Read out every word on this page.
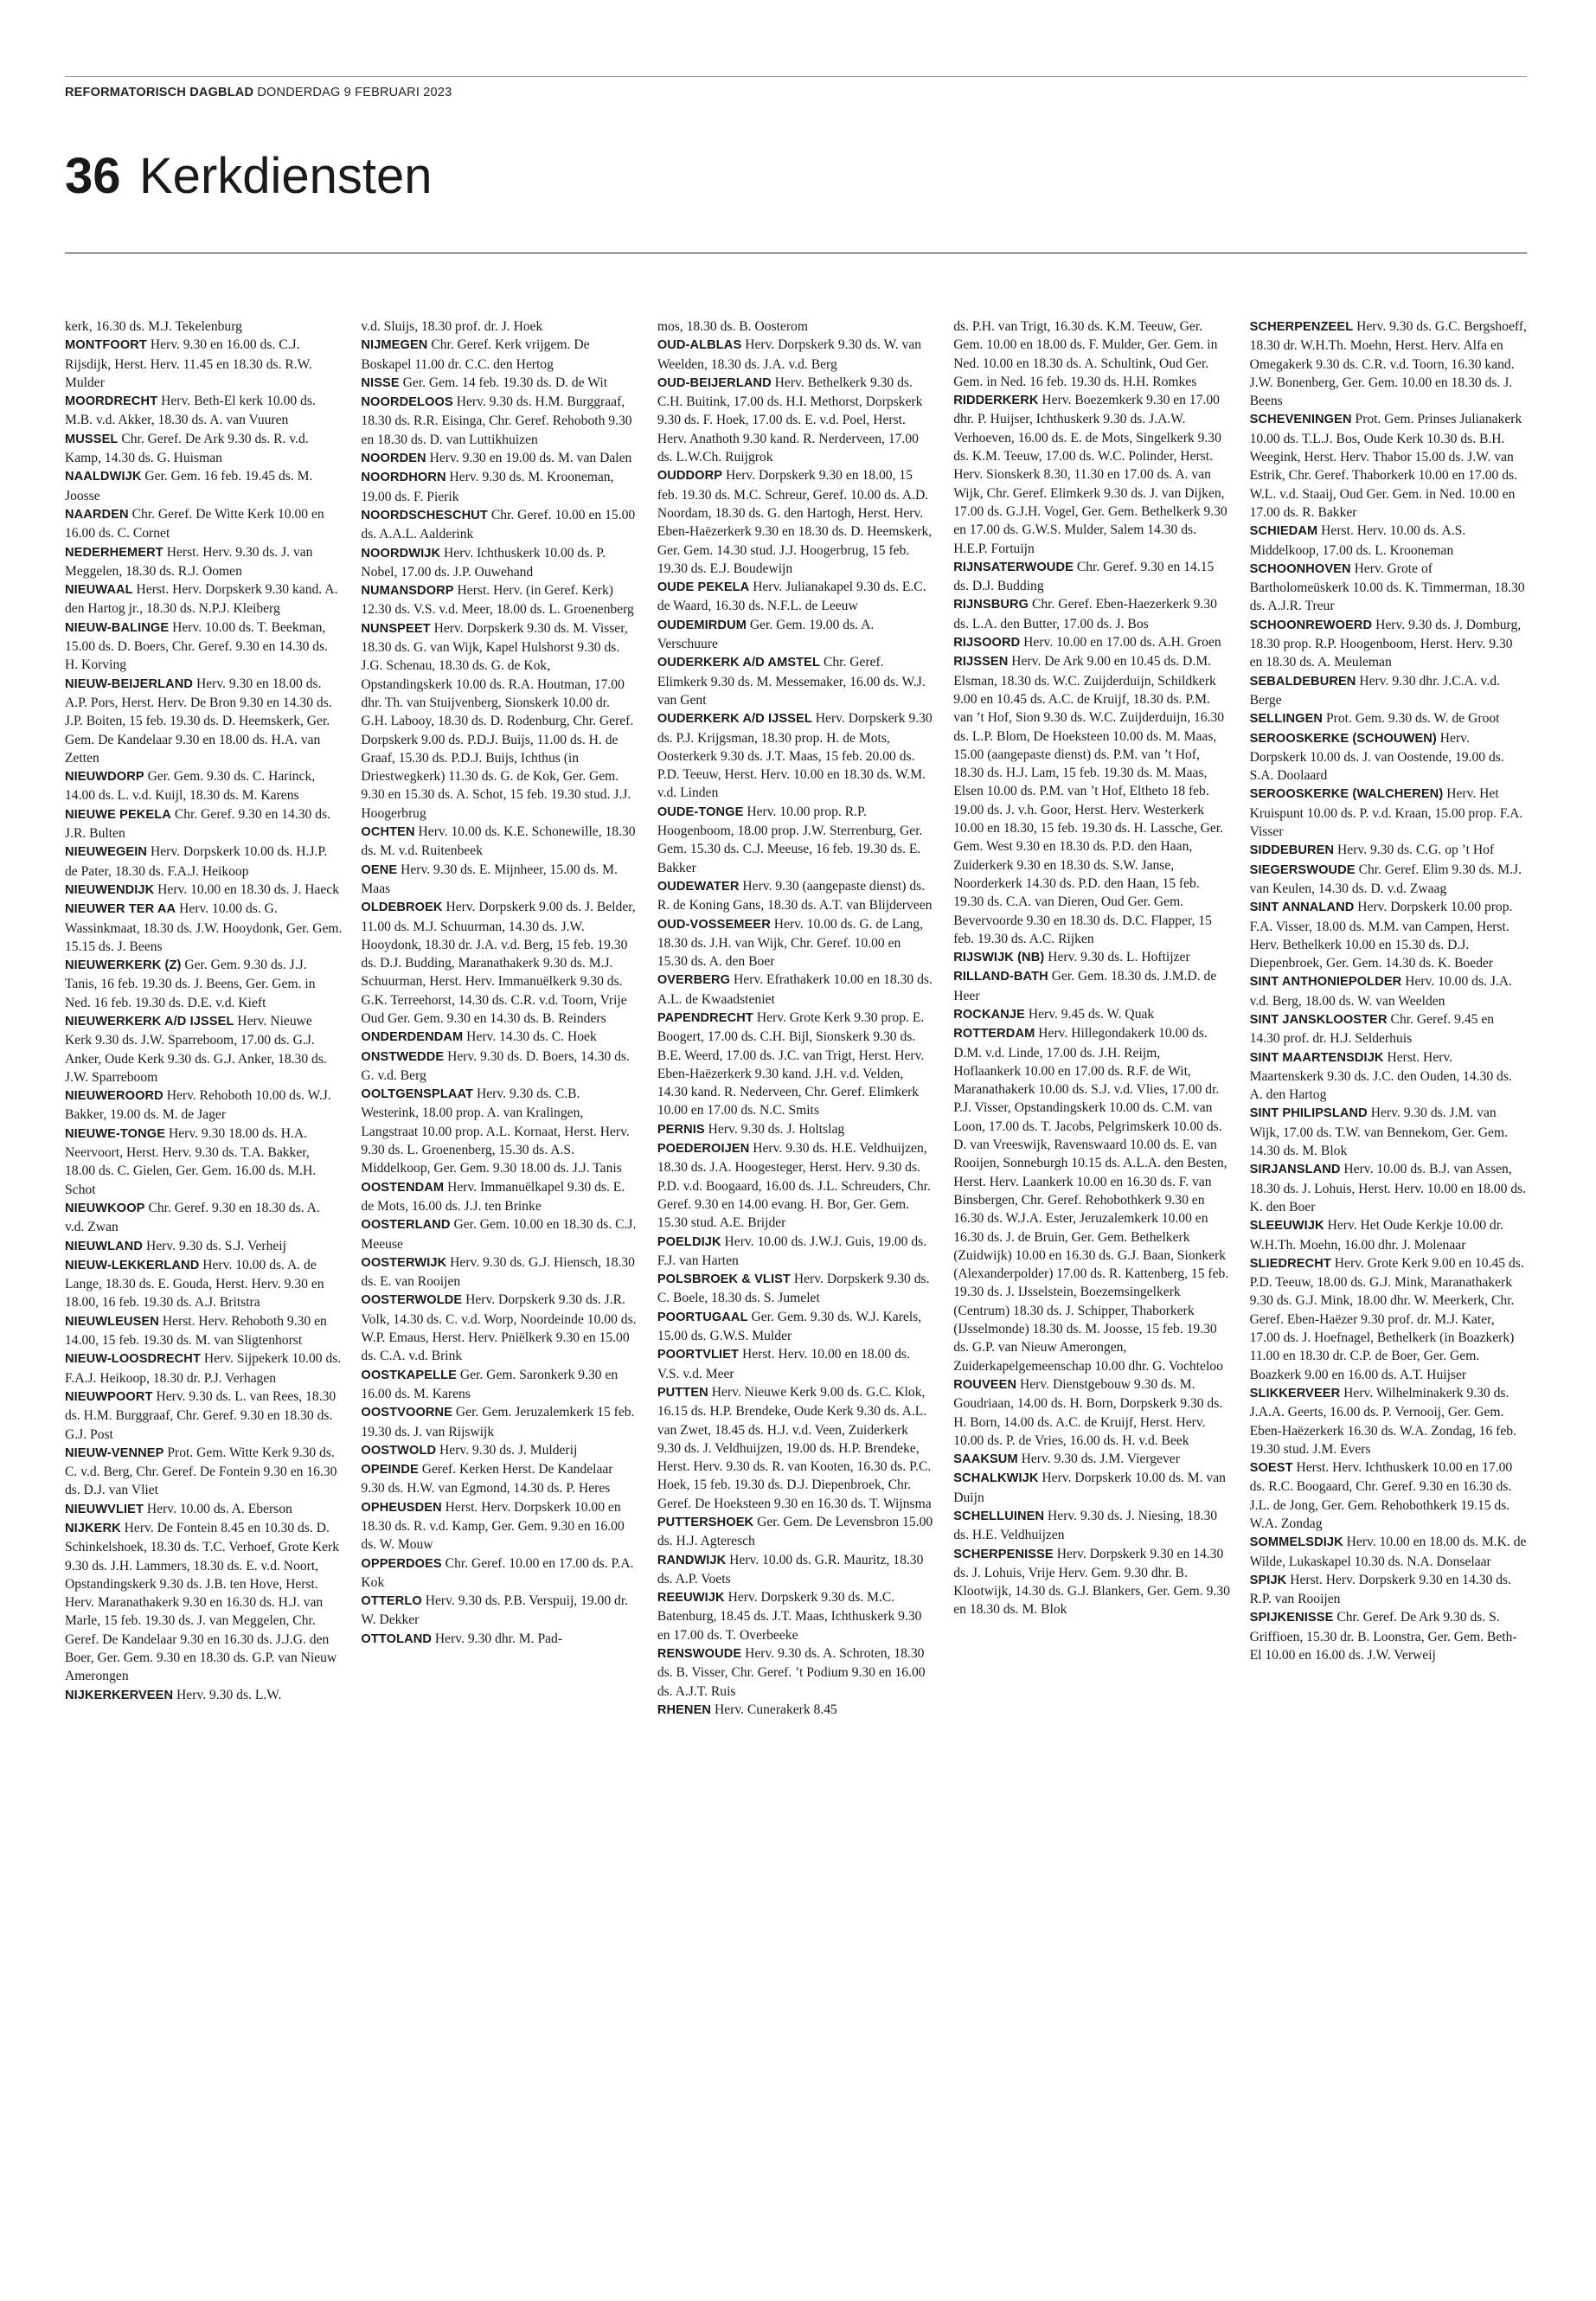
REFORMATORISCH DAGBLAD DONDERDAG 9 FEBRUARI 2023
36 Kerkdiensten

kerk, 16.30 ds. M.J. Tekelenburg

MONTFOORT Herv. 9.30 en 16.00 ds. C.J. Rijsdijk, Herst. Herv. 11.45 en 18.30 ds. R.W. Mulder

MOORDRECHT Herv. Beth-El kerk 10.00 ds. M.B. v.d. Akker, 18.30 ds. A. van Vuuren

MUSSEL Chr. Geref. De Ark 9.30 ds. R. v.d. Kamp, 14.30 ds. G. Huisman

NAALDWIJK Ger. Gem. 16 feb. 19.45 ds. M. Joosse

NAARDEN Chr. Geref. De Witte Kerk 10.00 en 16.00 ds. C. Cornet

NEDERHEMERT Herst. Herv. 9.30 ds. J. van Meggelen, 18.30 ds. R.J. Oomen

NIEUWAAL Herst. Herv. Dorpskerk 9.30 kand. A. den Hartog jr., 18.30 ds. N.P.J. Kleiberg

NIEUW-BALINGE Herv. 10.00 ds. T. Beekman, 15.00 ds. D. Boers, Chr. Geref. 9.30 en 14.30 ds. H. Korving

NIEUW-BEIJERLAND Herv. 9.30 en 18.00 ds. A.P. Pors, Herst. Herv. De Bron 9.30 en 14.30 ds. J.P. Boiten, 15 feb. 19.30 ds. D. Heemskerk, Ger. Gem. De Kandelaar 9.30 en 18.00 ds. H.A. van Zetten

NIEUWDORP Ger. Gem. 9.30 ds. C. Harinck, 14.00 ds. L. v.d. Kuijl, 18.30 ds. M. Karens

NIEUWE PEKELA Chr. Geref. 9.30 en 14.30 ds. J.R. Bulten

NIEUWEGEIN Herv. Dorpskerk 10.00 ds. H.J.P. de Pater, 18.30 ds. F.A.J. Heikoop

NIEUWENDIJK Herv. 10.00 en 18.30 ds. J. Haeck

NIEUWER TER AA Herv. 10.00 ds. G. Wassinkmaat, 18.30 ds. J.W. Hooydonk, Ger. Gem. 15.15 ds. J. Beens

NIEUWERKERK (Z) Ger. Gem. 9.30 ds. J.J. Tanis, 16 feb. 19.30 ds. J. Beens, Ger. Gem. in Ned. 16 feb. 19.30 ds. D.E. v.d. Kieft

NIEUWERKERK A/D IJSSEL Herv. Nieuwe Kerk 9.30 ds. J.W. Sparreboom, 17.00 ds. G.J. Anker, Oude Kerk 9.30 ds. G.J. Anker, 18.30 ds. J.W. Sparreboom

NIEUWEROORD Herv. Rehoboth 10.00 ds. W.J. Bakker, 19.00 ds. M. de Jager

NIEUWE-TONGE Herv. 9.30 18.00 ds. H.A. Neervoort, Herst. Herv. 9.30 ds. T.A. Bakker, 18.00 ds. C. Gielen, Ger. Gem. 16.00 ds. M.H. Schot

NIEUWKOOP Chr. Geref. 9.30 en 18.30 ds. A. v.d. Zwan

NIEUWLAND Herv. 9.30 ds. S.J. Verheij

NIEUW-LEKKERLAND Herv. 10.00 ds. A. de Lange, 18.30 ds. E. Gouda, Herst. Herv. 9.30 en 18.00, 16 feb. 19.30 ds. A.J. Britstra

NIEUWLEUSEN Herst. Herv. Rehoboth 9.30 en 14.00, 15 feb. 19.30 ds. M. van Sligtenhorst

NIEUW-LOOSDRECHT Herv. Sijpekerk 10.00 ds. F.A.J. Heikoop, 18.30 dr. P.J. Verhagen

NIEUWPOORT Herv. 9.30 ds. L. van Rees, 18.30 ds. H.M. Burggraaf, Chr. Geref. 9.30 en 18.30 ds. G.J. Post

NIEUW-VENNEP Prot. Gem. Witte Kerk 9.30 ds. C. v.d. Berg, Chr. Geref. De Fontein 9.30 en 16.30 ds. D.J. van Vliet

NIEUWVLIET Herv. 10.00 ds. A. Eberson

NIJKERK Herv. De Fontein 8.45 en 10.30 ds. D. Schinkelshoek, 18.30 ds. T.C. Verhoef, Grote Kerk 9.30 ds. J.H. Lammers, 18.30 ds. E. v.d. Noort, Opstandingskerk 9.30 ds. J.B. ten Hove, Herst. Herv. Maranathakerk 9.30 en 16.30 ds. H.J. van Marle, 15 feb. 19.30 ds. J. van Meggelen, Chr. Geref. De Kandelaar 9.30 en 16.30 ds. J.J.G. den Boer, Ger. Gem. 9.30 en 18.30 ds. G.P. van Nieuw Amerongen

NIJKERKERVEEN Herv. 9.30 ds. L.W.

v.d. Sluijs, 18.30 prof. dr. J. Hoek

NIJMEGEN Chr. Geref. Kerk vrijgem. De Boskapel 11.00 dr. C.C. den Hertog

NISSE Ger. Gem. 14 feb. 19.30 ds. D. de Wit

NOORDELOOS Herv. 9.30 ds. H.M. Burggraaf, 18.30 ds. R.R. Eisinga, Chr. Geref. Rehoboth 9.30 en 18.30 ds. D. van Luttikhuizen

NOORDEN Herv. 9.30 en 19.00 ds. M. van Dalen

NOORDHORN Herv. 9.30 ds. M. Krooneman, 19.00 ds. F. Pierik

NOORDSCHESCHUT Chr. Geref. 10.00 en 15.00 ds. A.A.L. Aalderink

NOORDWIJK Herv. Ichthuskerk 10.00 ds. P. Nobel, 17.00 ds. J.P. Ouwehand

NUMANSDORP Herst. Herv. (in Geref. Kerk) 12.30 ds. V.S. v.d. Meer, 18.00 ds. L. Groenenberg

NUNSPEET Herv. Dorpskerk 9.30 ds. M. Visser, 18.30 ds. G. van Wijk, Kapel Hulshorst 9.30 ds. J.G. Schenau, 18.30 ds. G. de Kok, Opstandingskerk 10.00 ds. R.A. Houtman, 17.00 dhr. Th. van Stuijvenberg, Sionskerk 10.00 dr. G.H. Labooy, 18.30 ds. D. Rodenburg, Chr. Geref. Dorpskerk 9.00 ds. P.D.J. Buijs, 11.00 ds. H. de Graaf, 15.30 ds. P.D.J. Buijs, Ichthus (in Driestwegkerk) 11.30 ds. G. de Kok, Ger. Gem. 9.30 en 15.30 ds. A. Schot, 15 feb. 19.30 stud. J.J. Hoogerbrug

OCHTEN Herv. 10.00 ds. K.E. Schonewille, 18.30 ds. M. v.d. Ruitenbeek

OENE Herv. 9.30 ds. E. Mijnheer, 15.00 ds. M. Maas

OLDEBROEK Herv. Dorpskerk 9.00 ds. J. Belder, 11.00 ds. M.J. Schuurman, 14.30 ds. J.W. Hooydonk, 18.30 dr. J.A. v.d. Berg, 15 feb. 19.30 ds. D.J. Budding, Maranathakerk 9.30 ds. M.J. Schuurman, Herst. Herv. Immanuëlkerk 9.30 ds. G.K. Terreehorst, 14.30 ds. C.R. v.d. Toorn, Vrije Oud Ger. Gem. 9.30 en 14.30 ds. B. Reinders

ONDERDENDAM Herv. 14.30 ds. C. Hoek

ONSTWEDDE Herv. 9.30 ds. D. Boers, 14.30 ds. G. v.d. Berg

OOLTGENSPLAAT Herv. 9.30 ds. C.B. Westerink, 18.00 prop. A. van Kralingen, Langstraat 10.00 prop. A.L. Kornaat, Herst. Herv. 9.30 ds. L. Groenenberg, 15.30 ds. A.S. Middelkoop, Ger. Gem. 9.30 18.00 ds. J.J. Tanis

OOSTENDAM Herv. Immanuëlkapel 9.30 ds. E. de Mots, 16.00 ds. J.J. ten Brinke

OOSTERLAND Ger. Gem. 10.00 en 18.30 ds. C.J. Meeuse

OOSTERWIJK Herv. 9.30 ds. G.J. Hiensch, 18.30 ds. E. van Rooijen

OOSTERWOLDE Herv. Dorpskerk 9.30 ds. J.R. Volk, 14.30 ds. C. v.d. Worp, Noordeinde 10.00 ds. W.P. Emaus, Herst. Herv. Pniëlkerk 9.30 en 15.00 ds. C.A. v.d. Brink

OOSTKAPELLE Ger. Gem. Saronkerk 9.30 en 16.00 ds. M. Karens

OOSTVOORNE Ger. Gem. Jeruzalemkerk 15 feb. 19.30 ds. J. van Rijswijk

OOSTWOLD Herv. 9.30 ds. J. Mulderij

OPEINDE Geref. Kerken Herst. De Kandelaar 9.30 ds. H.W. van Egmond, 14.30 ds. P. Heres

OPHEUSDEN Herst. Herv. Dorpskerk 10.00 en 18.30 ds. R. v.d. Kamp, Ger. Gem. 9.30 en 16.00 ds. W. Mouw

OPPERDOES Chr. Geref. 10.00 en 17.00 ds. P.A. Kok

OTTERLO Herv. 9.30 ds. P.B. Verspuij, 19.00 dr. W. Dekker

OTTOLAND Herv. 9.30 dhr. M. Pad-

mos, 18.30 ds. B. Oosterom

OUD-ALBLAS Herv. Dorpskerk 9.30 ds. W. van Weelden, 18.30 ds. J.A. v.d. Berg

OUD-BEIJERLAND Herv. Bethelkerk 9.30 ds. C.H. Buitink, 17.00 ds. H.I. Methorst, Dorpskerk 9.30 ds. F. Hoek, 17.00 ds. E. v.d. Poel, Herst. Herv. Anathoth 9.30 kand. R. Nerderveen, 17.00 ds. L.W.Ch. Ruijgrok

OUDDORP Herv. Dorpskerk 9.30 en 18.00, 15 feb. 19.30 ds. M.C. Schreur, Geref. 10.00 ds. A.D. Noordam, 18.30 ds. G. den Hartogh, Herst. Herv. Eben-Haëzerkerk 9.30 en 18.30 ds. D. Heemskerk, Ger. Gem. 14.30 stud. J.J. Hoogerbrug, 15 feb. 19.30 ds. E.J. Boudewijn

OUDE PEKELA Herv. Julianakapel 9.30 ds. E.C. de Waard, 16.30 ds. N.F.L. de Leeuw

OUDEMIRDUM Ger. Gem. 19.00 ds. A. Verschuure

OUDERKERK A/D AMSTEL Chr. Geref. Elimkerk 9.30 ds. M. Messemaker, 16.00 ds. W.J. van Gent

OUDERKERK A/D IJSSEL Herv. Dorpskerk 9.30 ds. P.J. Krijgsman, 18.30 prop. H. de Mots, Oosterkerk 9.30 ds. J.T. Maas, 15 feb. 20.00 ds. P.D. Teeuw, Herst. Herv. 10.00 en 18.30 ds. W.M. v.d. Linden

OUDE-TONGE Herv. 10.00 prop. R.P. Hoogenboom, 18.00 prop. J.W. Sterrenburg, Ger. Gem. 15.30 ds. C.J. Meeuse, 16 feb. 19.30 ds. E. Bakker

OUDEWATER Herv. 9.30 (aangepaste dienst) ds. R. de Koning Gans, 18.30 ds. A.T. van Blijderveen

OUD-VOSSEMEER Herv. 10.00 ds. G. de Lang, 18.30 ds. J.H. van Wijk, Chr. Geref. 10.00 en 15.30 ds. A. den Boer

OVERBERG Herv. Efrathakerk 10.00 en 18.30 ds. A.L. de Kwaadsteniet

PAPENDRECHT Herv. Grote Kerk 9.30 prop. E. Boogert, 17.00 ds. C.H. Bijl, Sionskerk 9.30 ds. B.E. Weerd, 17.00 ds. J.C. van Trigt, Herst. Herv. Eben-Haëzerkerk 9.30 kand. J.H. v.d. Velden, 14.30 kand. R. Nederveen, Chr. Geref. Elimkerk 10.00 en 17.00 ds. N.C. Smits

PERNIS Herv. 9.30 ds. J. Holtslag

POEDEROIJEN Herv. 9.30 ds. H.E. Veldhuijzen, 18.30 ds. J.A. Hoogesteger, Herst. Herv. 9.30 ds. P.D. v.d. Boogaard, 16.00 ds. J.L. Schreuders, Chr. Geref. 9.30 en 14.00 evang. H. Bor, Ger. Gem. 15.30 stud. A.E. Brijder

POELDIJK Herv. 10.00 ds. J.W.J. Guis, 19.00 ds. F.J. van Harten

POLSBROEK & VLIST Herv. Dorpskerk 9.30 ds. C. Boele, 18.30 ds. S. Jumelet

POORTUGAAL Ger. Gem. 9.30 ds. W.J. Karels, 15.00 ds. G.W.S. Mulder

POORTVLIET Herst. Herv. 10.00 en 18.00 ds. V.S. v.d. Meer

PUTTEN Herv. Nieuwe Kerk 9.00 ds. G.C. Klok, 16.15 ds. H.P. Brendeke, Oude Kerk 9.30 ds. A.L. van Zwet, 18.45 ds. H.J. v.d. Veen, Zuiderkerk 9.30 ds. J. Veldhuijzen, 19.00 ds. H.P. Brendeke, Herst. Herv. 9.30 ds. R. van Kooten, 16.30 ds. P.C. Hoek, 15 feb. 19.30 ds. D.J. Diepenbroek, Chr. Geref. De Hoeksteen 9.30 en 16.30 ds. T. Wijnsma

PUTTERSHOEK Ger. Gem. De Levensbron 15.00 ds. H.J. Agteresch

RANDWIJK Herv. 10.00 ds. G.R. Mauritz, 18.30 ds. A.P. Voets

REEUWIJK Herv. Dorpskerk 9.30 ds. M.C. Batenburg, 18.45 ds. J.T. Maas, Ichthuskerk 9.30 en 17.00 ds. T. Overbeeke

RENSWOUDE Herv. 9.30 ds. A. Schroten, 18.30 ds. B. Visser, Chr. Geref. ’t Podium 9.30 en 16.00 ds. A.J.T. Ruis

RHENEN Herv. Cunerakerk 8.45

ds. P.H. van Trigt, 16.30 ds. K.M. Teeuw, Ger. Gem. 10.00 en 18.00 ds. F. Mulder, Ger. Gem. in Ned. 10.00 en 18.30 ds. A. Schultink, Oud Ger. Gem. in Ned. 16 feb. 19.30 ds. H.H. Romkes

RIDDERKERK Herv. Boezemkerk 9.30 en 17.00 dhr. P. Huijser, Ichthuskerk 9.30 ds. J.A.W. Verhoeven, 16.00 ds. E. de Mots, Singelkerk 9.30 ds. K.M. Teeuw, 17.00 ds. W.C. Polinder, Herst. Herv. Sionskerk 8.30, 11.30 en 17.00 ds. A. van Wijk, Chr. Geref. Elimkerk 9.30 ds. J. van Dijken, 17.00 ds. G.J.H. Vogel, Ger. Gem. Bethelkerk 9.30 en 17.00 ds. G.W.S. Mulder, Salem 14.30 ds. H.E.P. Fortuijn

RIJNSATERWOUDE Chr. Geref. 9.30 en 14.15 ds. D.J. Budding

RIJNSBURG Chr. Geref. Eben-Haezerkerk 9.30 ds. L.A. den Butter, 17.00 ds. J. Bos

RIJSOORD Herv. 10.00 en 17.00 ds. A.H. Groen

RIJSSEN Herv. De Ark 9.00 en 10.45 ds. D.M. Elsman, 18.30 ds. W.C. Zuijderduijn, Schildkerk 9.00 en 10.45 ds. A.C. de Kruijf, 18.30 ds. P.M. van ’t Hof, Sion 9.30 ds. W.C. Zuijderduijn, 16.30 ds. L.P. Blom, De Hoeksteen 10.00 ds. M. Maas, 15.00 (aangepaste dienst) ds. P.M. van ’t Hof, 18.30 ds. H.J. Lam, 15 feb. 19.30 ds. M. Maas, Elsen 10.00 ds. P.M. van ’t Hof, Eltheto 18 feb. 19.00 ds. J. v.h. Goor, Herst. Herv. Westerkerk 10.00 en 18.30, 15 feb. 19.30 ds. H. Lassche, Ger. Gem. West 9.30 en 18.30 ds. P.D. den Haan, Zuiderkerk 9.30 en 18.30 ds. S.W. Janse, Noorderkerk 14.30 ds. P.D. den Haan, 15 feb. 19.30 ds. C.A. van Dieren, Oud Ger. Gem. Bevervoorde 9.30 en 18.30 ds. D.C. Flapper, 15 feb. 19.30 ds. A.C. Rijken

RIJSWIJK (NB) Herv. 9.30 ds. L. Hoftijzer

RILLAND-BATH Ger. Gem. 18.30 ds. J.M.D. de Heer

ROCKANJE Herv. 9.45 ds. W. Quak

ROTTERDAM Herv. Hillegondakerk 10.00 ds. D.M. v.d. Linde, 17.00 ds. J.H. Reijm, Hoflaankerk 10.00 en 17.00 ds. R.F. de Wit, Maranathakerk 10.00 ds. S.J. v.d. Vlies, 17.00 dr. P.J. Visser, Opstandingskerk 10.00 ds. C.M. van Loon, 17.00 ds. T. Jacobs, Pelgrimskerk 10.00 ds. D. van Vreeswijk, Ravenswaard 10.00 ds. E. van Rooijen, Sonneburgh 10.15 ds. A.L.A. den Besten, Herst. Herv. Laankerk 10.00 en 16.30 ds. F. van Binsbergen, Chr. Geref. Rehobothkerk 9.30 en 16.30 ds. W.J.A. Ester, Jeruzalemkerk 10.00 en 16.30 ds. J. de Bruin, Ger. Gem. Bethelkerk (Zuidwijk) 10.00 en 16.30 ds. G.J. Baan, Sionkerk (Alexanderpolder) 17.00 ds. R. Kattenberg, 15 feb. 19.30 ds. J. IJsselstein, Boezemsingelkerk (Centrum) 18.30 ds. J. Schipper, Thaborkerk (IJsselmonde) 18.30 ds. M. Joosse, 15 feb. 19.30 ds. G.P. van Nieuw Amerongen, Zuiderkapelgemeenschap 10.00 dhr. G. Vochteloo

ROUVEEN Herv. Dienstgebouw 9.30 ds. M. Goudriaan, 14.00 ds. H. Born, Dorpskerk 9.30 ds. H. Born, 14.00 ds. A.C. de Kruijf, Herst. Herv. 10.00 ds. P. de Vries, 16.00 ds. H. v.d. Beek

SAAKSUM Herv. 9.30 ds. J.M. Viergever

SCHALKWIJK Herv. Dorpskerk 10.00 ds. M. van Duijn

SCHELLUINEN Herv. 9.30 ds. J. Niesing, 18.30 ds. H.E. Veldhuijzen

SCHERPENISSE Herv. Dorpskerk 9.30 en 14.30 ds. J. Lohuis, Vrije Herv. Gem. 9.30 dhr. B. Klootwijk, 14.30 ds. G.J. Blankers, Ger. Gem. 9.30 en 18.30 ds. M. Blok

SCHERPENZEEL Herv. 9.30 ds. G.C. Bergshoeff, 18.30 dr. W.H.Th. Moehn, Herst. Herv. Alfa en Omegakerk 9.30 ds. C.R. v.d. Toorn, 16.30 kand. J.W. Bonenberg, Ger. Gem. 10.00 en 18.30 ds. J. Beens

SCHEVENINGEN Prot. Gem. Prinses Julianakerk 10.00 ds. T.L.J. Bos, Oude Kerk 10.30 ds. B.H. Weegink, Herst. Herv. Thabor 15.00 ds. J.W. van Estrik, Chr. Geref. Thaborkerk 10.00 en 17.00 ds. W.L. v.d. Staaij, Oud Ger. Gem. in Ned. 10.00 en 17.00 ds. R. Bakker

SCHIEDAM Herst. Herv. 10.00 ds. A.S. Middelkoop, 17.00 ds. L. Krooneman

SCHOONHOVEN Herv. Grote of Bartholomeüskerk 10.00 ds. K. Timmerman, 18.30 ds. A.J.R. Treur

SCHOONREWOERD Herv. 9.30 ds. J. Domburg, 18.30 prop. R.P. Hoogenboom, Herst. Herv. 9.30 en 18.30 ds. A. Meuleman

SEBALDEBUREN Herv. 9.30 dhr. J.C.A. v.d. Berge

SELLINGEN Prot. Gem. 9.30 ds. W. de Groot

SEROOSKERKE (SCHOUWEN) Herv. Dorpskerk 10.00 ds. J. van Oostende, 19.00 ds. S.A. Doolaard

SEROOSKERKE (WALCHEREN) Herv. Het Kruispunt 10.00 ds. P. v.d. Kraan, 15.00 prop. F.A. Visser

SIDDEBUREN Herv. 9.30 ds. C.G. op ’t Hof

SIEGERSWOUDE Chr. Geref. Elim 9.30 ds. M.J. van Keulen, 14.30 ds. D. v.d. Zwaag

SINT ANNALAND Herv. Dorpskerk 10.00 prop. F.A. Visser, 18.00 ds. M.M. van Campen, Herst. Herv. Bethelkerk 10.00 en 15.30 ds. D.J. Diepenbroek, Ger. Gem. 14.30 ds. K. Boeder

SINT ANTHONIEPOLDER Herv. 10.00 ds. J.A. v.d. Berg, 18.00 ds. W. van Weelden

SINT JANSKLOOSTER Chr. Geref. 9.45 en 14.30 prof. dr. H.J. Selderhuis

SINT MAARTENSDIJK Herst. Herv. Maartenskerk 9.30 ds. J.C. den Ouden, 14.30 ds. A. den Hartog

SINT PHILIPSLAND Herv. 9.30 ds. J.M. van Wijk, 17.00 ds. T.W. van Bennekom, Ger. Gem. 14.30 ds. M. Blok

SIRJANSLAND Herv. 10.00 ds. B.J. van Assen, 18.30 ds. J. Lohuis, Herst. Herv. 10.00 en 18.00 ds. K. den Boer

SLEEUWIJK Herv. Het Oude Kerkje 10.00 dr. W.H.Th. Moehn, 16.00 dhr. J. Molenaar

SLIEDRECHT Herv. Grote Kerk 9.00 en 10.45 ds. P.D. Teeuw, 18.00 ds. G.J. Mink, Maranathakerk 9.30 ds. G.J. Mink, 18.00 dhr. W. Meerkerk, Chr. Geref. Eben-Haëzer 9.30 prof. dr. M.J. Kater, 17.00 ds. J. Hoefnagel, Bethelkerk (in Boazkerk) 11.00 en 18.30 dr. C.P. de Boer, Ger. Gem. Boazkerk 9.00 en 16.00 ds. A.T. Huijser

SLIKKERVEER Herv. Wilhelminakerk 9.30 ds. J.A.A. Geerts, 16.00 ds. P. Vernooij, Ger. Gem. Eben-Haëzerkerk 16.30 ds. W.A. Zondag, 16 feb. 19.30 stud. J.M. Evers

SOEST Herst. Herv. Ichthuskerk 10.00 en 17.00 ds. R.C. Boogaard, Chr. Geref. 9.30 en 16.30 ds. J.L. de Jong, Ger. Gem. Rehobothkerk 19.15 ds. W.A. Zondag

SOMMELSDIJK Herv. 10.00 en 18.00 ds. M.K. de Wilde, Lukaskapel 10.30 ds. N.A. Donselaar

SPIJK Herst. Herv. Dorpskerk 9.30 en 14.30 ds. R.P. van Rooijen

SPIJKENISSE Chr. Geref. De Ark 9.30 ds. S. Griffioen, 15.30 dr. B. Loonstra, Ger. Gem. Beth-El 10.00 en 16.00 ds. J.W. Verweij
